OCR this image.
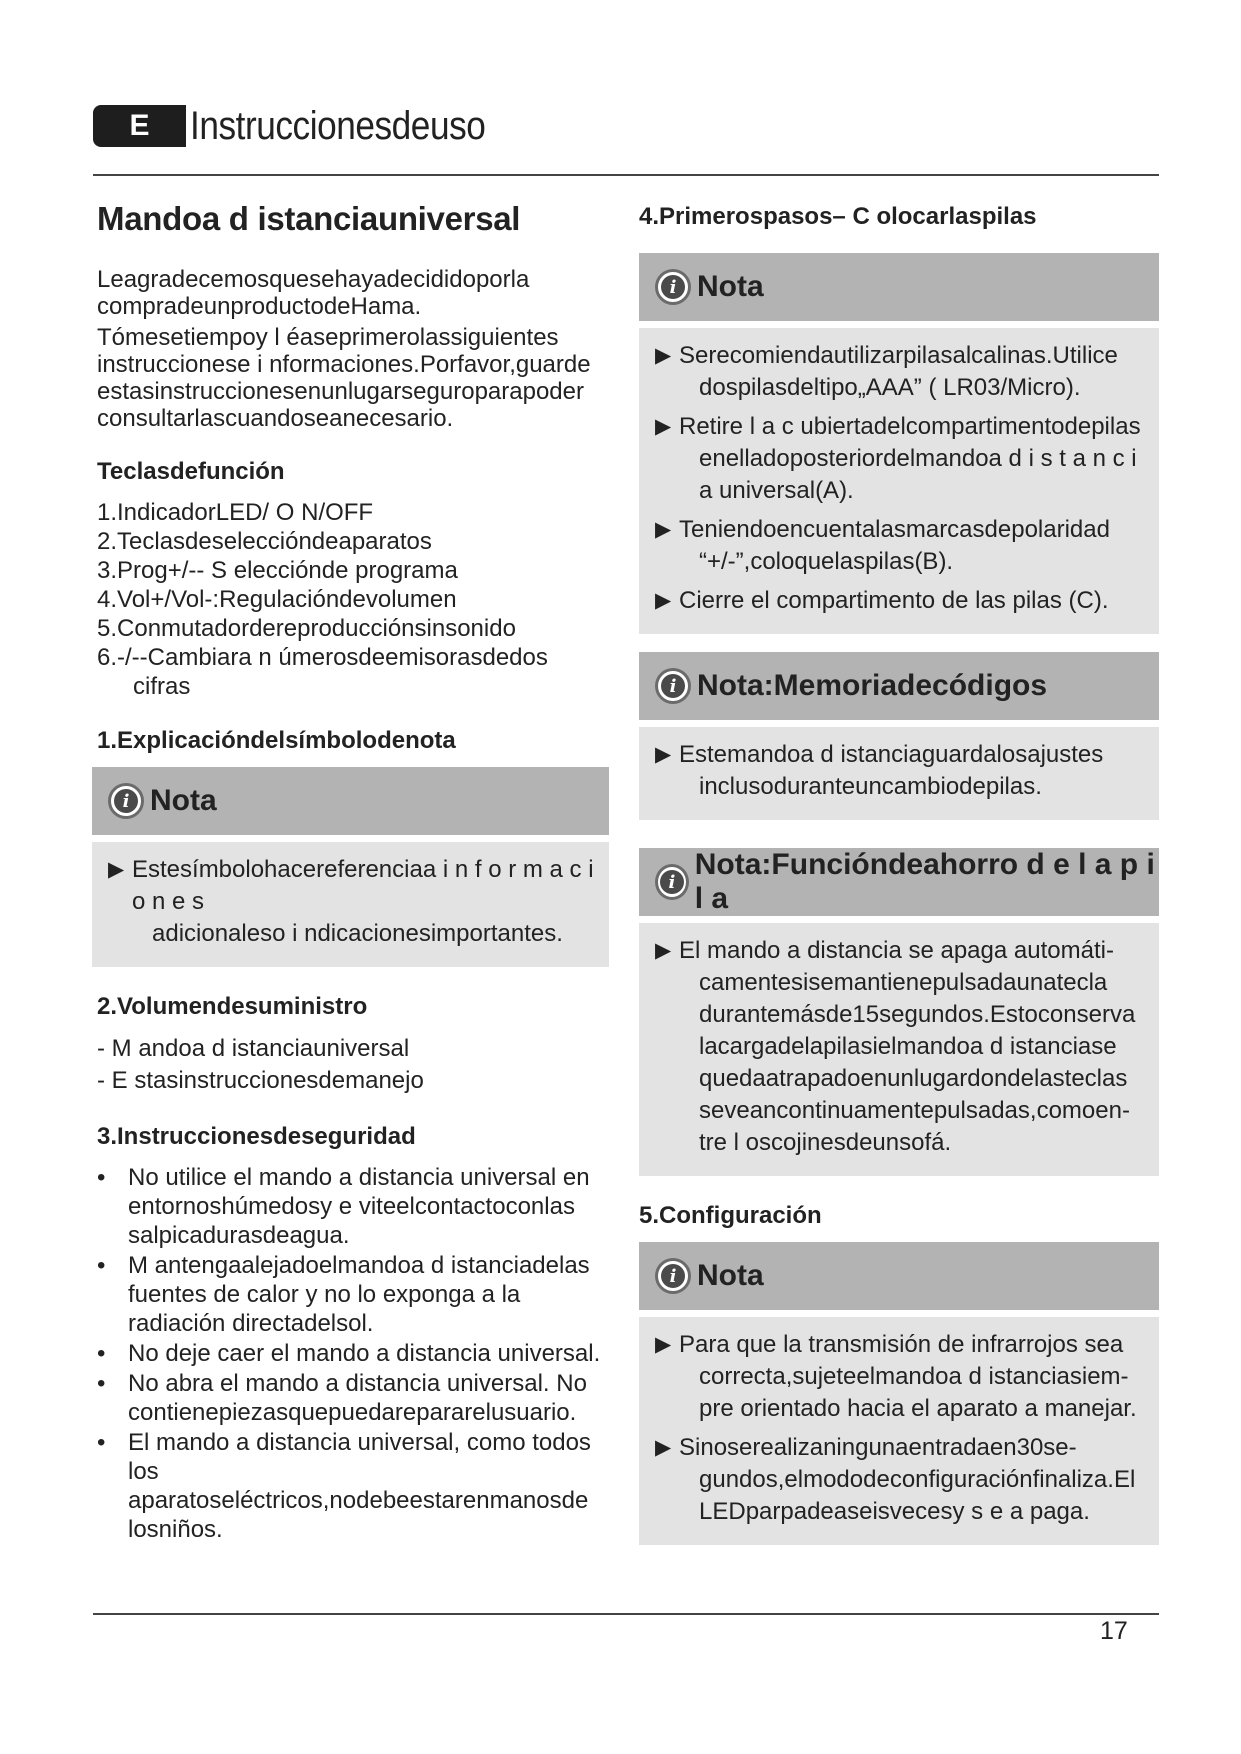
E	Instruccionesdeuso
Mandoa d istanciauniversal

Leagradecemosquesehayadecididoporla compradeunproductodeHama.

Tómesetiempoy l éaseprimerolassiguientes instruccionese i nformaciones.Porfavor,guarde estasinstruccionesenunlugarseguroparapoder consultarlascuandoseanecesario.

Teclasdefunción
1.IndicadorLED/ O N/OFF
2.Teclasdeseleccióndeaparatos
3.Prog+/-- S elecciónde programa
4.Vol+/Vol-:Regulacióndevolumen
5.Conmutadordereproducciónsinsonido
6.-/--Cambiara n úmerosdeemisorasdedos
cifras
1.Explicacióndelsímbolodenota
i Nota
▶ Estesímbolohacereferenciaa i n f o r m a c i o n e s
adicionaleso i ndicacionesimportantes.
2.Volumendesuministro
- M andoa d istanciauniversal
- E stasinstruccionesdemanejo
3.Instruccionesdeseguridad
• No utilice el mando a distancia universal en entornoshúmedosy e viteelcontactoconlas salpicadurasdeagua.
• M antengaalejadoelmandoa d istanciadelas fuentes de calor y no lo exponga a la radiación directadelsol.
• No deje caer el mando a distancia universal.
• No abra el mando a distancia universal. No contienepiezasquepuedarepararelusuario.
• El mando a distancia universal, como todos los aparatoseléctricos,nodebeestarenmanosde losniños.
4.Primerospasos– C olocarlaspilas
i Nota
▶ Serecomiendautilizarpilasalcalinas.Utilice
dospilasdeltipo„AAA” ( LR03/Micro).
▶ Retire l a c ubiertadelcompartimentodepilas
enelladoposteriordelmandoa d i s t a n c i a universal(A).
▶ Teniendoencuentalasmarcasdepolaridad
“+/-”,coloquelaspilas(B).
▶ Cierre el compartimento de las pilas (C).
i Nota:Memoriadecódigos
▶ Estemandoa d istanciaguardalosajustes
inclusoduranteuncambiodepilas.
i
Nota:Funcióndeahorro d e l a p i l a
▶ El mando a distancia se apaga automáti-
camentesisemantienepulsadaunatecla durantemásde15segundos.Estoconserva lacargadelapilasielmandoa d istanciase quedaatrapadoenunlugardondelasteclas seveancontinuamentepulsadas,comoen- tre l oscojinesdeunsofá.
5.Configuración
i Nota
▶ Para que la transmisión de infrarrojos sea
correcta,sujeteelmandoa d istanciasiem- pre orientado hacia el aparato a manejar.
▶ Sinoserealizaningunaentradaen30se-
gundos,elmododeconfiguraciónfinaliza.El LEDparpadeaseisvecesy s e a paga.
17
